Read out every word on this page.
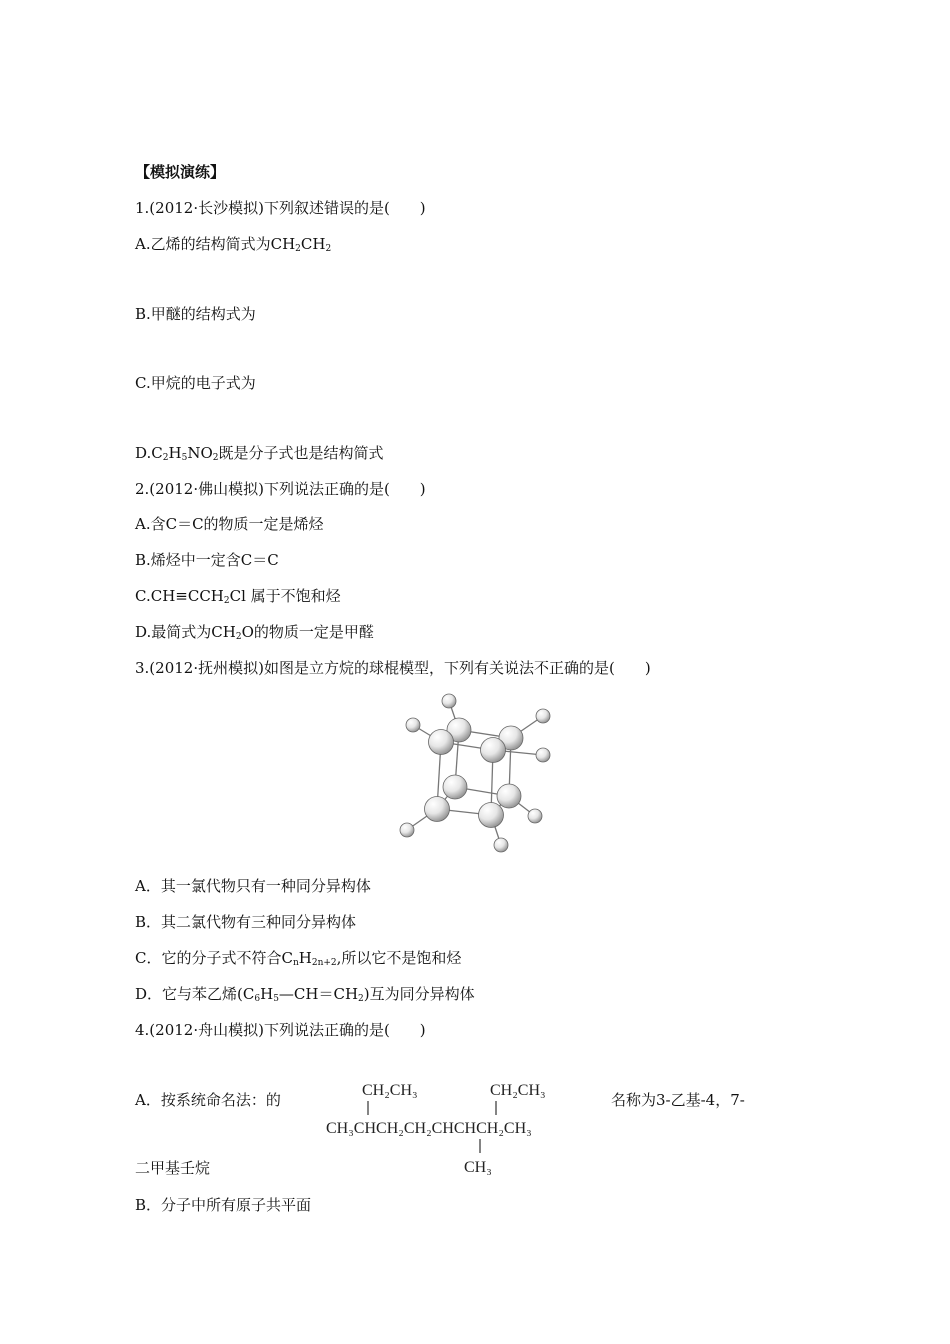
【模拟演练】
1.(2012·长沙模拟)下列叙述错误的是(　　)
A.乙烯的结构简式为$CH_2CH_2$
B.甲醚的结构式为
C.甲烷的电子式为
$D.C_2H_5NO_2$既是分子式也是结构简式
2.(2012·佛山模拟)下列说法正确的是(　　)
A.含C＝C的物质一定是烯烃
B.烯烃中一定含C＝C
$C.CH\equiv CCH_2Cl$ 属于不饱和烃
D.最简式为$CH_2O$的物质一定是甲醛
3.(2012·抚州模拟)如图是立方烷的球棍模型，下列有关说法不正确的是(　　)
A．其一氯代物只有一种同分异构体
B．其二氯代物有三种同分异构体
C．它的分子式不符合$C_nH_{2n+2}$,所以它不是饱和烃
D．它与苯乙烯$(C_6H_5—CH=CH_2)$互为同分异构体
4.(2012·舟山模拟)下列说法正确的是(　　)
A．按系统命名法：的
CH₂CH₃	CH₂CH₃
CH₃CHCH₂CH₂CHCHCH₂CH₃
CH₃
名称为3-乙基-4，7-
二甲基壬烷
B．分子中所有原子共平面
